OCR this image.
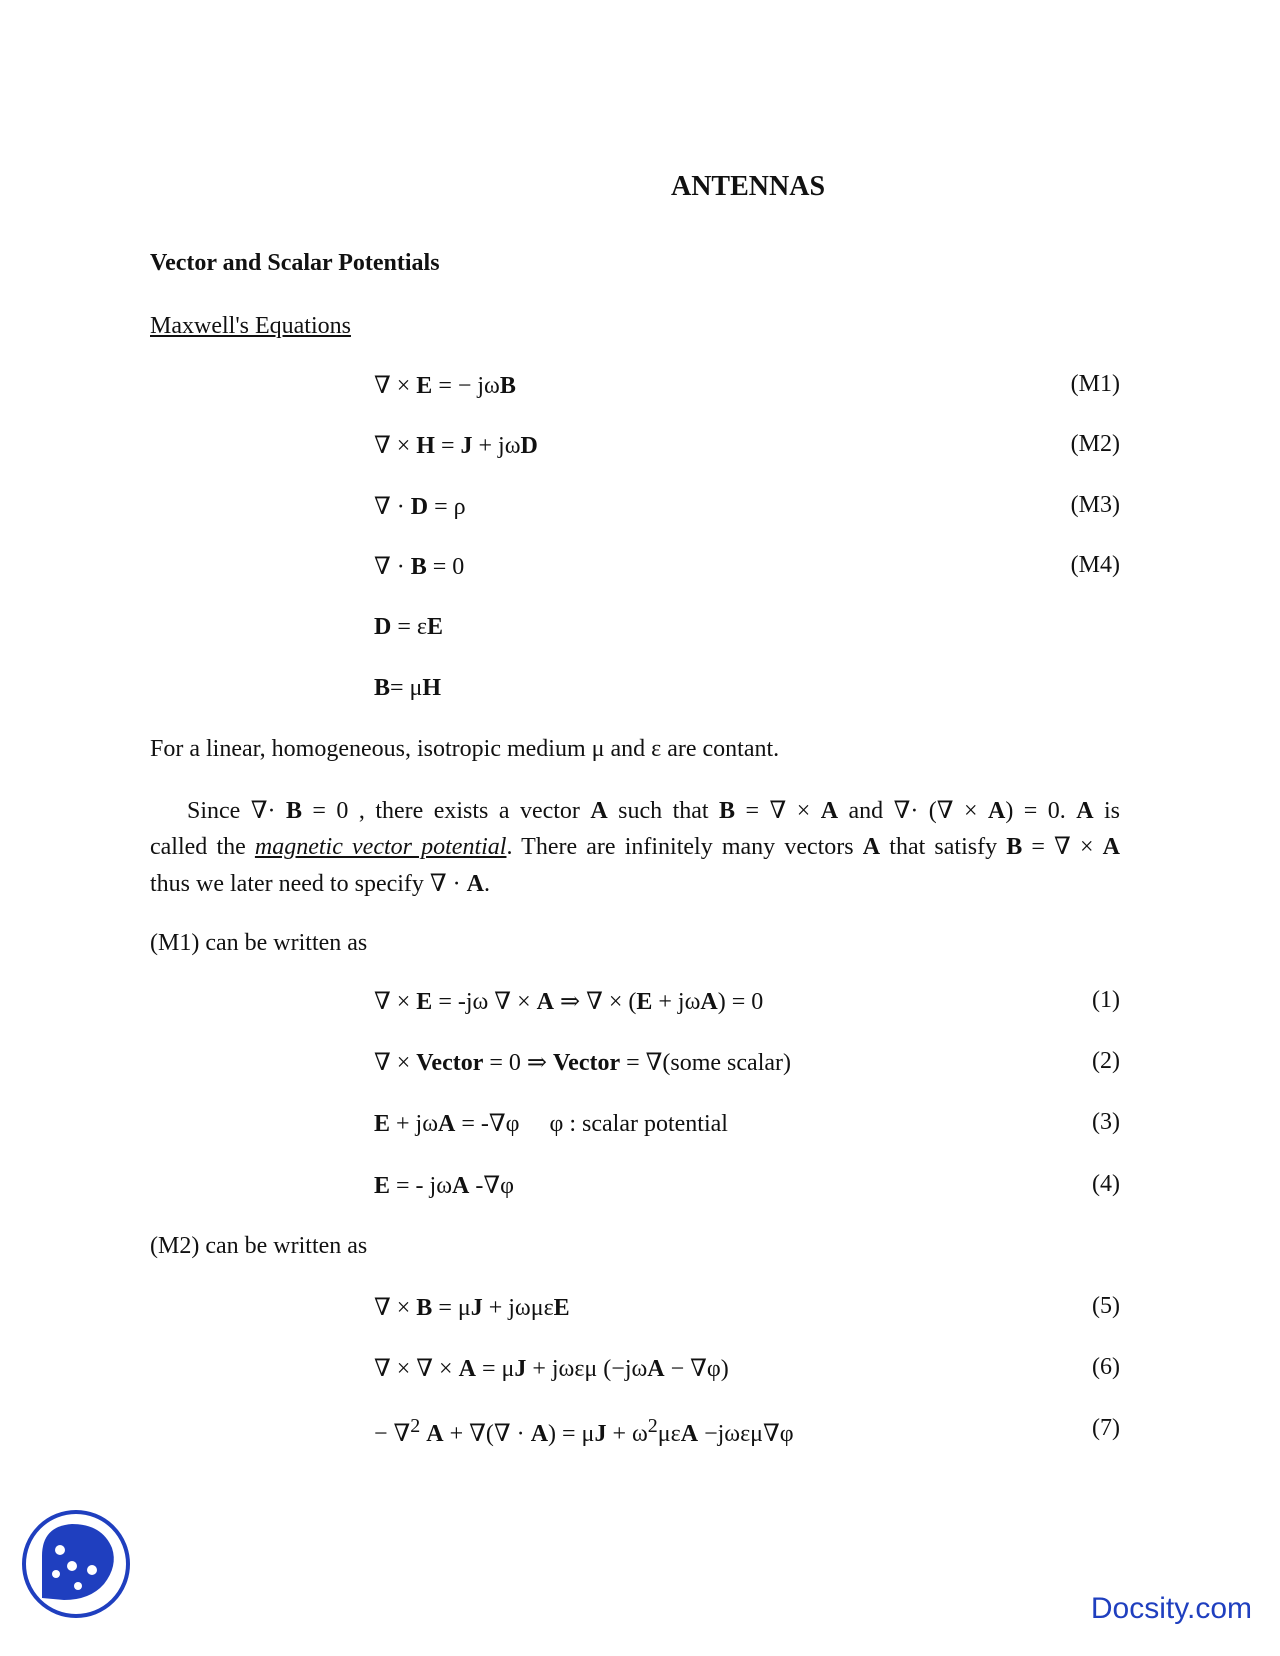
ANTENNAS
Vector and Scalar Potentials
Maxwell's Equations
∇ × E = − jωB	(M1)
∇ × H = J + jωD	(M2)
∇ · D = ρ	(M3)
∇ · B = 0	(M4)
D = εE
B= μH
For a linear, homogeneous, isotropic medium μ and ε are contant.
Since ∇· B = 0 , there exists a vector A such that B = ∇ × A and ∇· (∇ × A) = 0. A is
called the magnetic vector potential. There are infinitely many vectors A that satisfy B = ∇ × A
thus we later need to specify ∇ · A.
(M1) can be written as
∇ × E = -jω ∇ × A ⇒ ∇ × (E + jωA) = 0	(1)
∇ × Vector = 0 ⇒ Vector = ∇(some scalar)	(2)
E + jωA = -∇φ     φ : scalar potential	(3)
E = - jωA -∇φ	(4)
(M2) can be written as
∇ × B = μJ + jωμεE	(5)
∇ × ∇ × A = μJ + jωεμ (−jωA − ∇φ)	(6)
− ∇$^2$ A + ∇(∇ · $A) = \mu J + \omega^2\mu\varepsilon A -j\omega\varepsilon\mu\nabla\varphi$	(7)
Docsity.com
